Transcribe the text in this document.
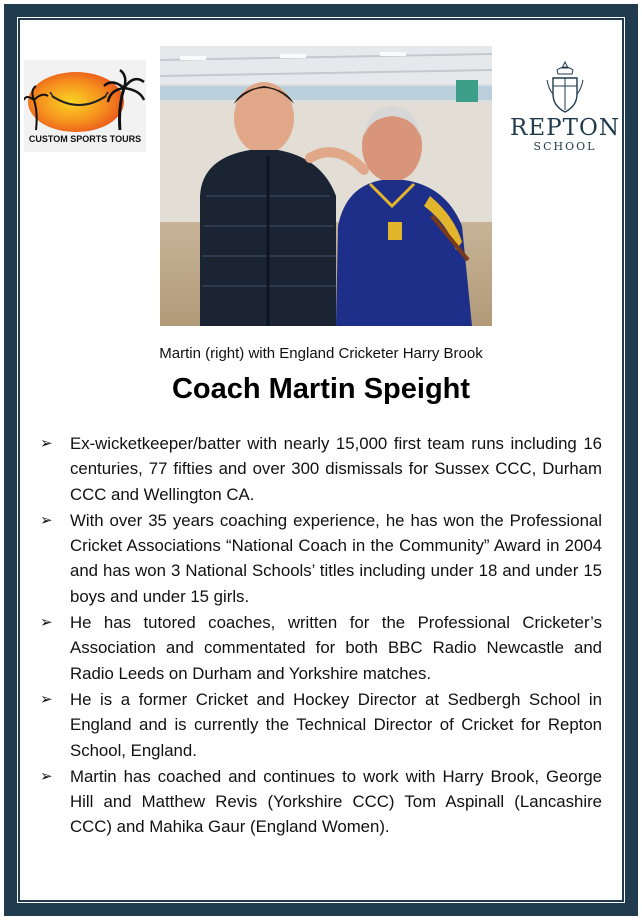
CUSTOM SPORTS TOURS	REPTON
SCHOOL
Martin (right) with England Cricketer Harry Brook
Coach Martin Speight
➢ Ex-wicketkeeper/batter with nearly 15,000 first team runs including 16 centuries, 77 fifties and over 300 dismissals for Sussex CCC, Durham CCC and Wellington CA.
➢ With over 35 years coaching experience, he has won the Professional Cricket Associations “National Coach in the Community” Award in 2004 and has won 3 National Schools’ titles including under 18 and under 15 boys and under 15 girls.
➢ He has tutored coaches, written for the Professional Cricketer’s Association and commentated for both BBC Radio Newcastle and Radio Leeds on Durham and Yorkshire matches.
➢ He is a former Cricket and Hockey Director at Sedbergh School in England and is currently the Technical Director of Cricket for Repton School, England.
➢ Martin has coached and continues to work with Harry Brook, George Hill and Matthew Revis (Yorkshire CCC) Tom Aspinall (Lancashire CCC) and Mahika Gaur (England Women).
